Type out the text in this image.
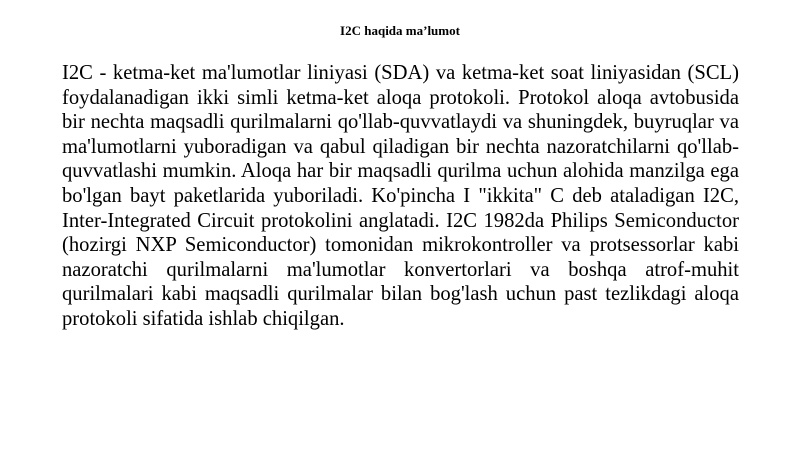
I2C haqida ma’lumot

I2C - ketma-ket ma'lumotlar liniyasi (SDA) va ketma-ket soat liniyasidan (SCL) foydalanadigan ikki simli ketma-ket aloqa protokoli. Protokol aloqa avtobusida bir nechta maqsadli qurilmalarni qo'llab-quvvatlaydi va shuningdek, buyruqlar va ma'lumotlarni yuboradigan va qabul qiladigan bir nechta nazoratchilarni qo'llab-quvvatlashi mumkin. Aloqa har bir maqsadli qurilma uchun alohida manzilga ega bo'lgan bayt paketlarida yuboriladi. Ko'pincha I "ikkita" C deb ataladigan I2C, Inter-Integrated Circuit protokolini anglatadi. I2C 1982da Philips Semiconductor (hozirgi NXP Semiconductor) tomonidan mikrokontroller va protsessorlar kabi nazoratchi qurilmalarni ma'lumotlar konvertorlari va boshqa atrof-muhit qurilmalari kabi maqsadli qurilmalar bilan bog'lash uchun past tezlikdagi aloqa protokoli sifatida ishlab chiqilgan.
